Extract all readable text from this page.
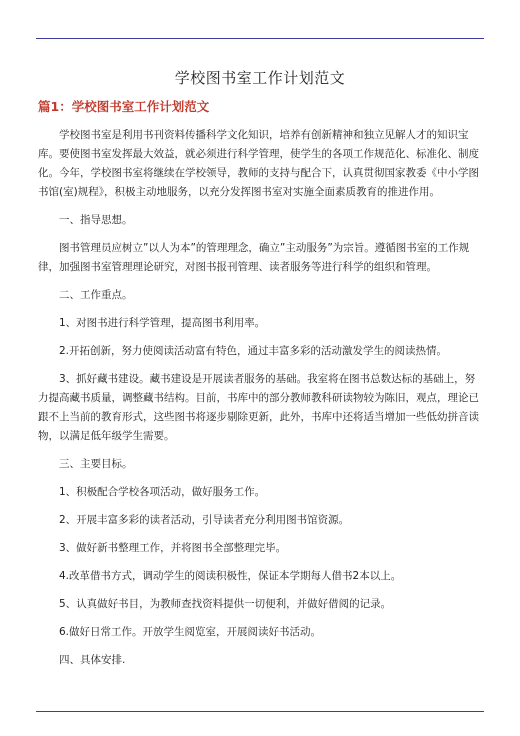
学校图书室工作计划范文
篇1：学校图书室工作计划范文

学校图书室是利用书刊资料传播科学文化知识，培养有创新精神和独立见解人才的知识宝库。要使图书室发挥最大效益，就必须进行科学管理，使学生的各项工作规范化、标准化、制度化。今年，学校图书室将继续在学校领导，教师的支持与配合下，认真贯彻国家教委《中小学图书馆(室)规程》，积极主动地服务，以充分发挥图书室对实施全面素质教育的推进作用。

一、指导思想。

图书管理员应树立”以人为本”的管理理念，确立”主动服务”为宗旨。遵循图书室的工作规律，加强图书室管理理论研究，对图书报刊管理、读者服务等进行科学的组织和管理。

二、工作重点。

1、对图书进行科学管理，提高图书利用率。

2.开拓创新，努力使阅读活动富有特色，通过丰富多彩的活动激发学生的阅读热情。

3、抓好藏书建设。藏书建设是开展读者服务的基础。我室将在图书总数达标的基础上，努力提高藏书质量，调整藏书结构。目前，书库中的部分教师教科研读物较为陈旧，观点，理论已跟不上当前的教育形式，这些图书将逐步剔除更新，此外，书库中还将适当增加一些低幼拼音读物，以满足低年级学生需要。

三、主要目标。

1、积极配合学校各项活动，做好服务工作。

2、开展丰富多彩的读者活动，引导读者充分利用图书馆资源。

3、做好新书整理工作，并将图书全部整理完毕。

4.改革借书方式，调动学生的阅读积极性，保证本学期每人借书2本以上。

5、认真做好书目，为教师查找资料提供一切便利，并做好借阅的记录。

6.做好日常工作。开放学生阅览室，开展阅读好书活动。

四、具体安排.
